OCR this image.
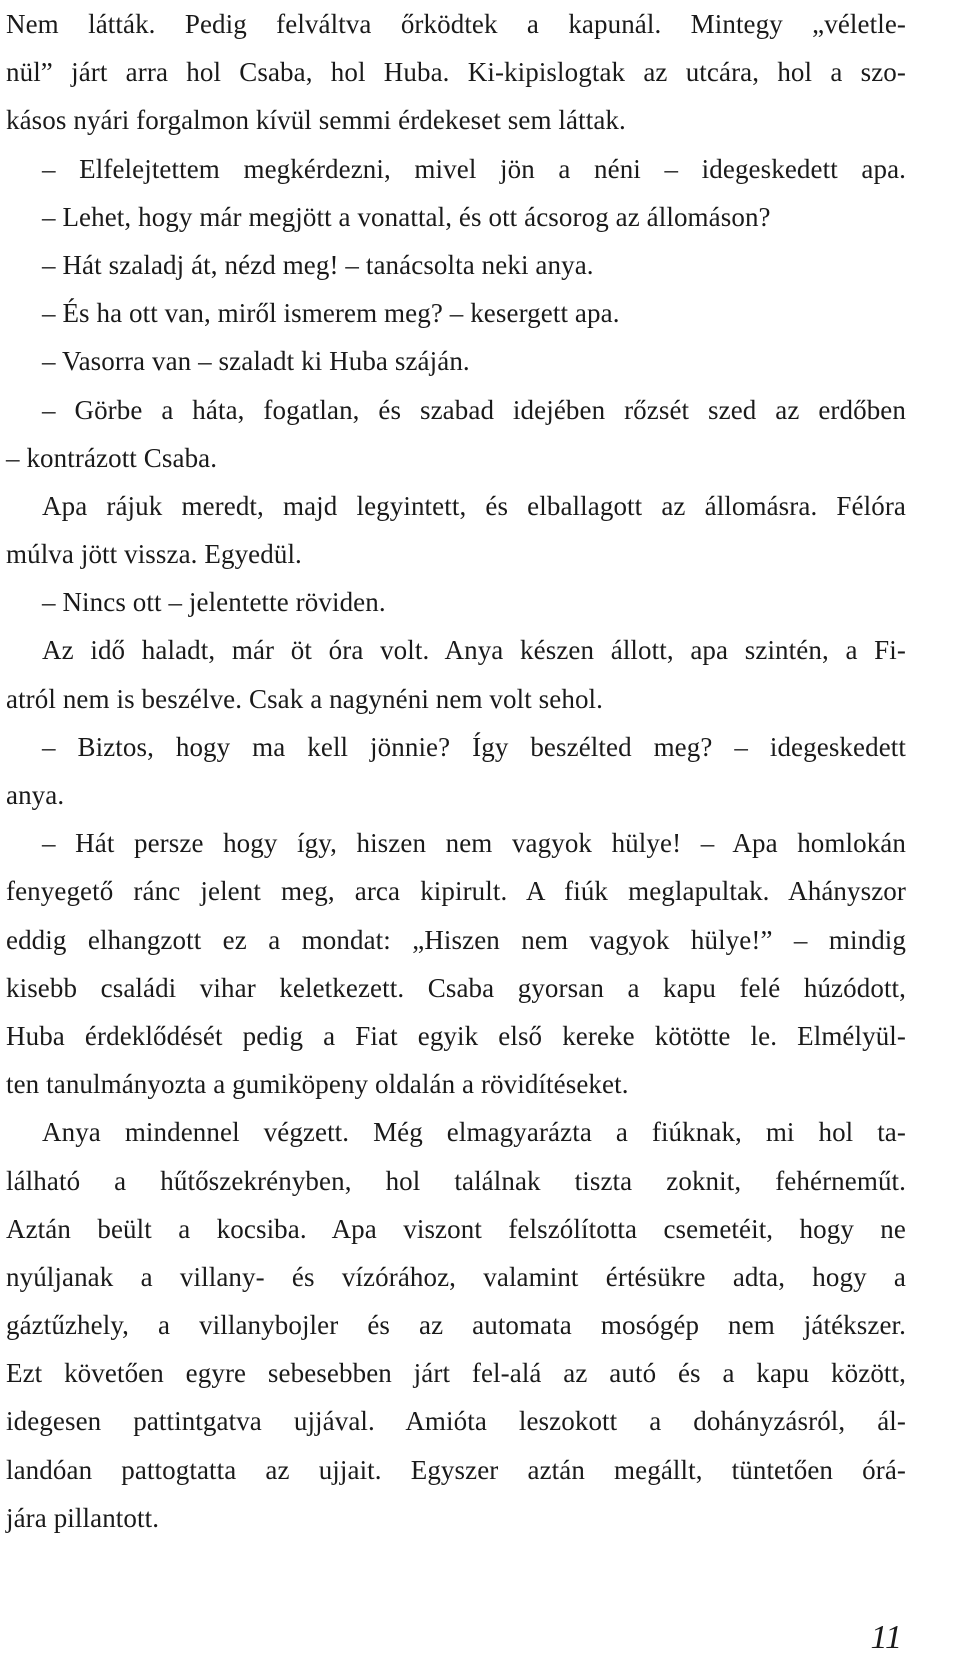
Nem látták. Pedig felváltva őrködtek a kapunál. Mintegy „véletle-
nül” járt arra hol Csaba, hol Huba. Ki-kipislogtak az utcára, hol a szo-
kásos nyári forgalmon kívül semmi érdekeset sem láttak.
– Elfelejtettem megkérdezni, mivel jön a néni – idegeskedett apa.
– Lehet, hogy már megjött a vonattal, és ott ácsorog az állomáson?
– Hát szaladj át, nézd meg! – tanácsolta neki anya.
– És ha ott van, miről ismerem meg? – kesergett apa.
– Vasorra van – szaladt ki Huba száján.
– Görbe a háta, fogatlan, és szabad idejében rőzsét szed az erdőben
– kontrázott Csaba.
Apa rájuk meredt, majd legyintett, és elballagott az állomásra. Félóra
múlva jött vissza. Egyedül.
– Nincs ott – jelentette röviden.
Az idő haladt, már öt óra volt. Anya készen állott, apa szintén, a Fi-
atról nem is beszélve. Csak a nagynéni nem volt sehol.
– Biztos, hogy ma kell jönnie? Így beszélted meg? – idegeskedett
anya.
– Hát persze hogy így, hiszen nem vagyok hülye! – Apa homlokán
fenyegető ránc jelent meg, arca kipirult. A fiúk meglapultak. Ahányszor
eddig elhangzott ez a mondat: „Hiszen nem vagyok hülye!” – mindig
kisebb családi vihar keletkezett. Csaba gyorsan a kapu felé húzódott,
Huba érdeklődését pedig a Fiat egyik első kereke kötötte le. Elmélyül-
ten tanulmányozta a gumiköpeny oldalán a rövidítéseket.
Anya mindennel végzett. Még elmagyarázta a fiúknak, mi hol ta-
lálható a hűtőszekrényben, hol találnak tiszta zoknit, fehérneműt.
Aztán beült a kocsiba. Apa viszont felszólította csemetéit, hogy ne
nyúljanak a villany- és vízórához, valamint értésükre adta, hogy a
gáztűzhely, a villanybojler és az automata mosógép nem játékszer.
Ezt követően egyre sebesebben járt fel-alá az autó és a kapu között,
idegesen pattintgatva ujjával. Amióta leszokott a dohányzásról, ál-
landóan pattogtatta az ujjait. Egyszer aztán megállt, tüntetően órá-
jára pillantott.
11
